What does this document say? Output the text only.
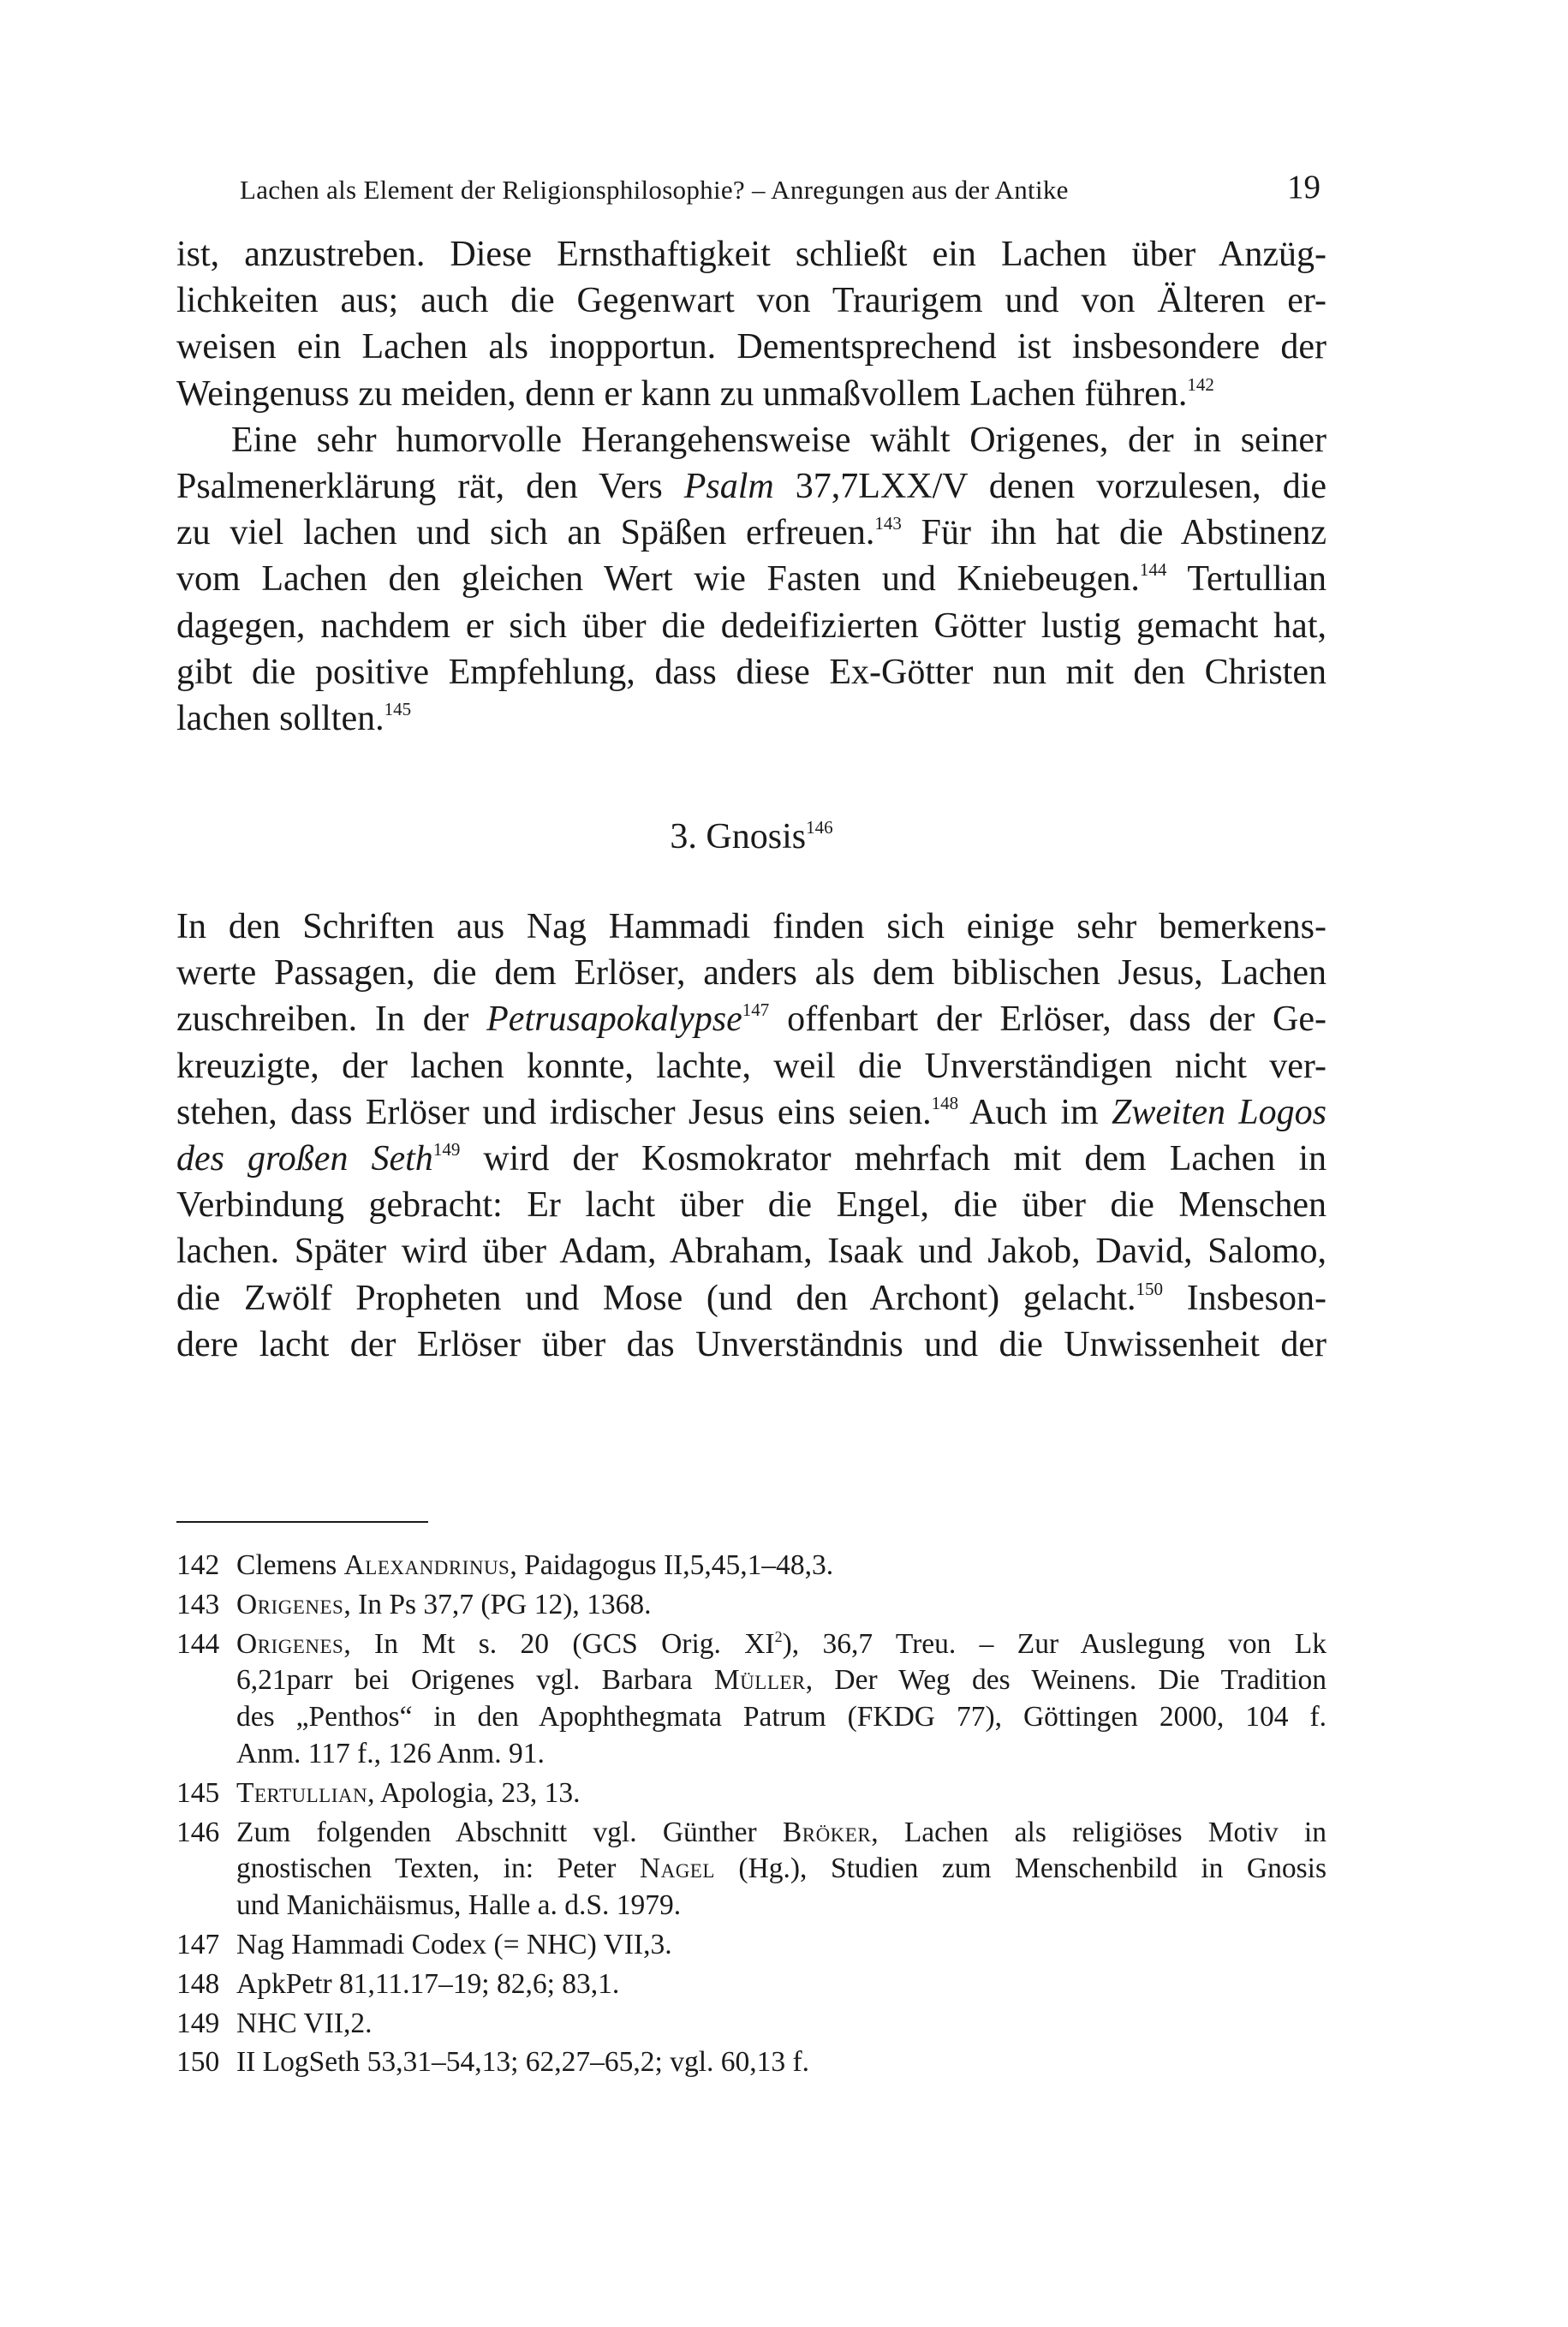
Lachen als Element der Religionsphilosophie? – Anregungen aus der Antike	19
ist, anzustreben. Diese Ernsthaftigkeit schließt ein Lachen über Anzüg-
lichkeiten aus; auch die Gegenwart von Traurigem und von Älteren er-
weisen ein Lachen als inopportun. Dementsprechend ist insbesondere der
Weingenuss zu meiden, denn er kann zu unmaßvollem Lachen führen.$^{142}$
Eine sehr humorvolle Herangehensweise wählt Origenes, der in seiner
Psalmenerklärung rät, den Vers Psalm 37,7LXX/V denen vorzulesen, die
zu viel lachen und sich an Späßen erfreuen.$^{143}$ Für ihn hat die Abstinenz
vom Lachen den gleichen Wert wie Fasten und Kniebeugen.$^{144}$ Tertullian
dagegen, nachdem er sich über die dedeifizierten Götter lustig gemacht hat,
gibt die positive Empfehlung, dass diese Ex-Götter nun mit den Christen
lachen sollten.$^{145}$
3. Gnosis$^{146}$
In den Schriften aus Nag Hammadi finden sich einige sehr bemerkens-
werte Passagen, die dem Erlöser, anders als dem biblischen Jesus, Lachen
zuschreiben. In der Petrusapokalypse$^{147}$ offenbart der Erlöser, dass der Ge-
kreuzigte, der lachen konnte, lachte, weil die Unverständigen nicht ver-
stehen, dass Erlöser und irdischer Jesus eins seien.$^{148}$ Auch im Zweiten Logos
des großen Seth$^{149}$ wird der Kosmokrator mehrfach mit dem Lachen in
Verbindung gebracht: Er lacht über die Engel, die über die Menschen
lachen. Später wird über Adam, Abraham, Isaak und Jakob, David, Salomo,
die Zwölf Propheten und Mose (und den Archont) gelacht.$^{150}$ Insbeson-
dere lacht der Erlöser über das Unverständnis und die Unwissenheit der
142 Clemens Alexandrinus, Paidagogus II,5,45,1–48,3.
143 Origenes, In Ps 37,7 (PG 12), 1368.
144 Origenes, In Mt s. 20 (GCS Orig. $XI^2$), 36,7 Treu. – Zur Auslegung von Lk
6,21parr bei Origenes vgl. Barbara Müller, Der Weg des Weinens. Die Tradition
des „Penthos“ in den Apophthegmata Patrum (FKDG 77), Göttingen 2000, 104 f.
Anm. 117 f., 126 Anm. 91.
145 Tertullian, Apologia, 23, 13.
146 Zum folgenden Abschnitt vgl. Günther Bröker, Lachen als religiöses Motiv in
gnostischen Texten, in: Peter Nagel (Hg.), Studien zum Menschenbild in Gnosis
und Manichäismus, Halle a. d.S. 1979.
147 Nag Hammadi Codex (= NHC) VII,3.
148 ApkPetr 81,11.17–19; 82,6; 83,1.
149 NHC VII,2.
150 II LogSeth 53,31–54,13; 62,27–65,2; vgl. 60,13 f.
